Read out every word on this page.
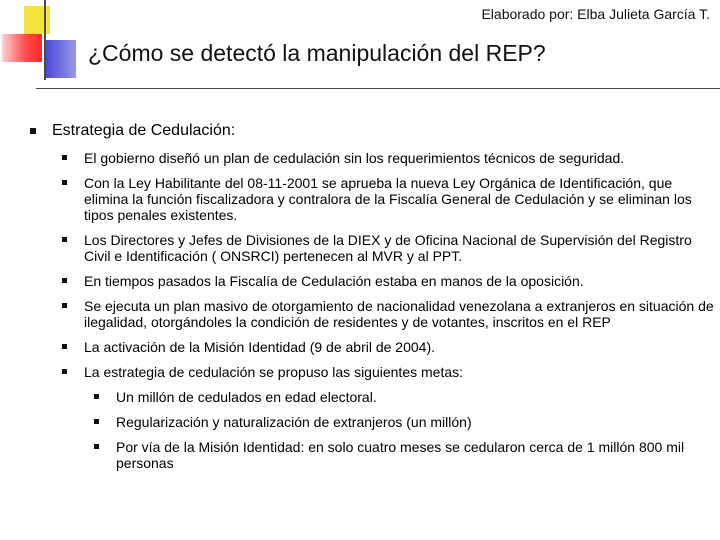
Elaborado por: Elba Julieta García T.
¿Cómo se detectó la manipulación del REP?
Estrategia de Cedulación:
El gobierno diseñó un plan de cedulación sin los requerimientos técnicos de seguridad.
Con la Ley Habilitante del 08-11-2001 se aprueba la nueva Ley Orgánica de Identificación, que elimina la función fiscalizadora y contralora de la Fiscalía General de Cedulación y se eliminan los tipos penales existentes.
Los Directores y Jefes de Divisiones de la DIEX y de Oficina Nacional de Supervisión del Registro Civil e Identificación ( ONSRCI) pertenecen al MVR y al PPT.
En tiempos pasados la Fiscalía de Cedulación estaba en manos de la oposición.
Se ejecuta un plan masivo de otorgamiento de nacionalidad venezolana a extranjeros en situación de ilegalidad, otorgándoles la condición de residentes y de votantes, inscritos en el REP
La activación de la Misión Identidad (9 de abril de 2004).
La estrategia de cedulación se propuso las siguientes metas:
Un millón de cedulados en edad electoral.
Regularización y naturalización de extranjeros (un millón)
Por vía de la Misión Identidad: en solo cuatro meses se cedularon cerca de 1 millón 800 mil personas
